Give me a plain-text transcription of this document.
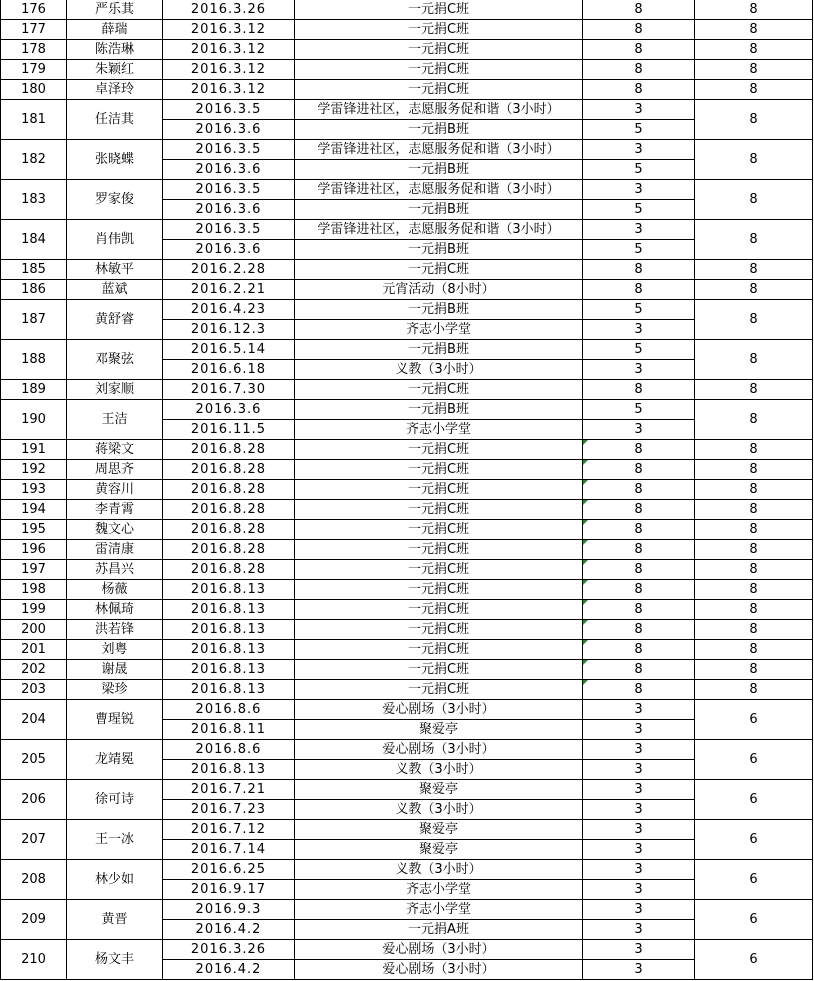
176	严乐萁	2016.3.26	一元捐C班	8	8
177	薛瑞	2016.3.12	一元捐C班	8	8
178	陈浩琳	2016.3.12	一元捐C班	8	8
179	朱颖红	2016.3.12	一元捐C班	8	8
180	卓泽玲	2016.3.12	一元捐C班	8	8
181	任洁萁	2016.3.5	学雷锋进社区，志愿服务促和谐（3小时）	3	8
		2016.3.6	一元捐B班	5	
182	张晓蝶	2016.3.5	学雷锋进社区，志愿服务促和谐（3小时）	3	8
		2016.3.6	一元捐B班	5	
183	罗家俊	2016.3.5	学雷锋进社区，志愿服务促和谐（3小时）	3	8
		2016.3.6	一元捐B班	5	
184	肖伟凯	2016.3.5	学雷锋进社区，志愿服务促和谐（3小时）	3	8
		2016.3.6	一元捐B班	5	
185	林敏平	2016.2.28	一元捐C班	8	8
186	蓝斌	2016.2.21	元宵活动（8小时）	8	8
187	黄舒睿	2016.4.23	一元捐B班	5	8
		2016.12.3	齐志小学堂	3	
188	邓聚弦	2016.5.14	一元捐B班	5	8
		2016.6.18	义教（3小时）	3	
189	刘家顺	2016.7.30	一元捐C班	8	8
190	王洁	2016.3.6	一元捐B班	5	8
		2016.11.5	齐志小学堂	3	
191	蒋梁文	2016.8.28	一元捐C班	8	8
192	周思齐	2016.8.28	一元捐C班	8	8
193	黄容川	2016.8.28	一元捐C班	8	8
194	李青霄	2016.8.28	一元捐C班	8	8
195	魏文心	2016.8.28	一元捐C班	8	8
196	雷清康	2016.8.28	一元捐C班	8	8
197	苏昌兴	2016.8.28	一元捐C班	8	8
198	杨薇	2016.8.13	一元捐C班	8	8
199	林佩琦	2016.8.13	一元捐C班	8	8
200	洪若锋	2016.8.13	一元捐C班	8	8
201	刘粤	2016.8.13	一元捐C班	8	8
202	谢晟	2016.8.13	一元捐C班	8	8
203	梁珍	2016.8.13	一元捐C班	8	8
204	曹瑆锐	2016.8.6	爱心剧场（3小时）	3	6
		2016.8.11	聚爱亭	3	
205	龙靖冕	2016.8.6	爱心剧场（3小时）	3	6
		2016.8.13	义教（3小时）	3	
206	徐可诗	2016.7.21	聚爱亭	3	6
		2016.7.23	义教（3小时）	3	
207	王一冰	2016.7.12	聚爱亭	3	6
		2016.7.14	聚爱亭	3	
208	林少如	2016.6.25	义教（3小时）	3	6
		2016.9.17	齐志小学堂	3	
209	黄晋	2016.9.3	齐志小学堂	3	6
		2016.4.2	一元捐A班	3	
210	杨文丰	2016.3.26	爱心剧场（3小时）	3	6
		2016.4.2	爱心剧场（3小时）	3	
